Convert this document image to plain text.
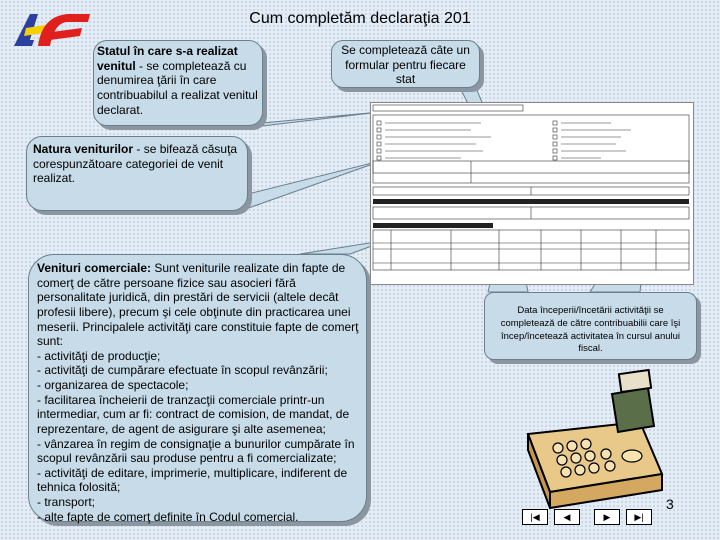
Cum completăm declaraţia 201
Statul în care s-a realizat venitul - se completează cu denumirea ţării în care contribuabilul a realizat venitul declarat.
Se completează câte un formular pentru fiecare stat
Natura veniturilor - se bifează căsuţa corespunzătoare categoriei de venit realizat.
Venituri comerciale: Sunt veniturile realizate din fapte de comerţ de către persoane fizice sau asocieri fără personalitate juridică, din prestări de servicii (altele decât profesii libere), precum şi cele obţinute din practicarea unei meserii. Principalele activităţi care constituie fapte de comerţ sunt:
- activităţi de producţie;
- activităţi de cumpărare efectuate în scopul revânzării;
- organizarea de spectacole;
- facilitarea încheierii de tranzacţii comerciale printr-un intermediar, cum ar fi: contract de comision, de mandat, de reprezentare, de agent de asigurare şi alte asemenea;
- vânzarea în regim de consignaţie a bunurilor cumpărate în scopul revânzării sau produse pentru a fi comercializate;
- activităţi de editare, imprimerie, multiplicare, indiferent de tehnica folosită;
- transport;
- alte fapte de comerţ definite în Codul comercial.
Data începerii/încetării activităţii se completează de către contribuabilii care îşi încep/încetează activitatea în cursul anului fiscal.
3
|◀	◀	▶	▶|
